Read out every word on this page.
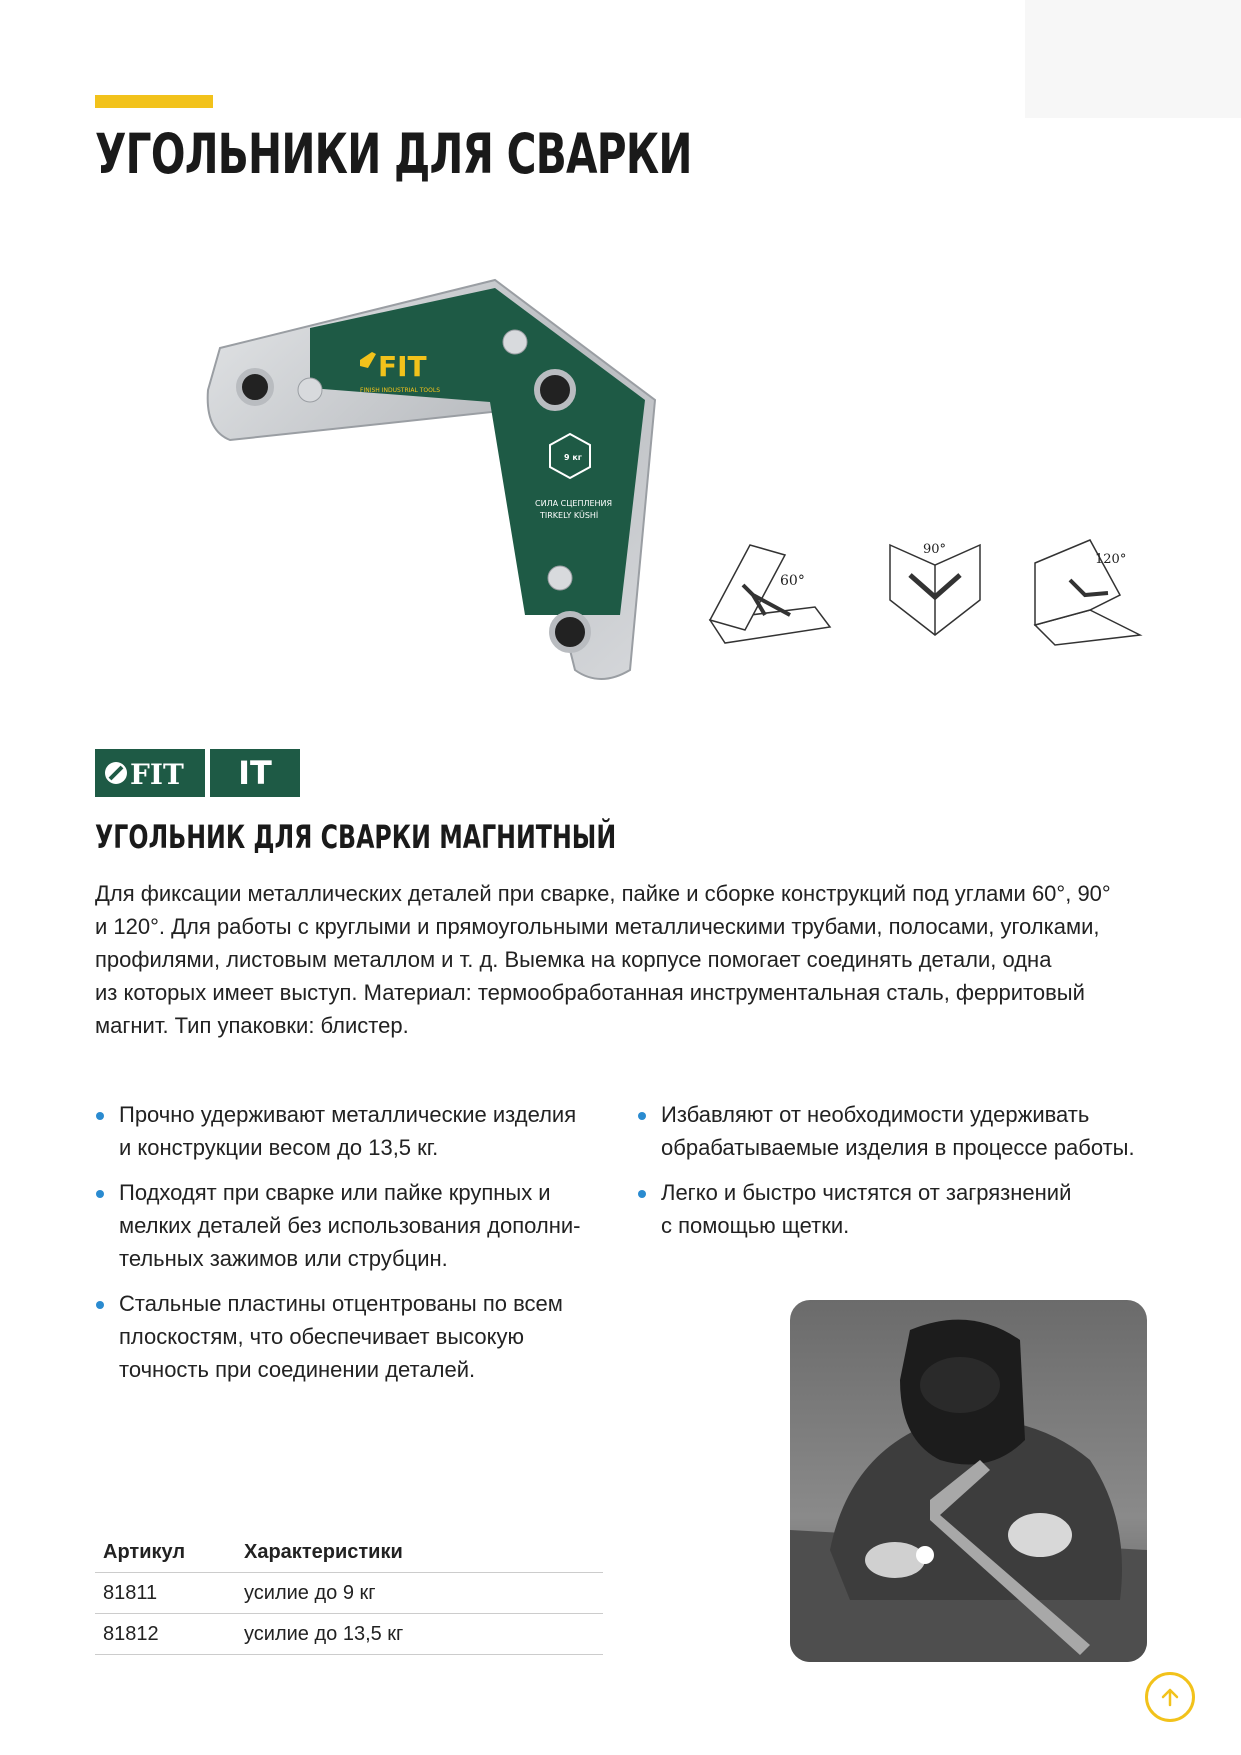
УГОЛЬНИКИ ДЛЯ СВАРКИ
FIT
FINISH INDUSTRIAL TOOLS
9 кг
СИЛА СЦЕПЛЕНИЯ
TIRKELY KÜSHİ
60°
90°
120°
FIT IT
УГОЛЬНИК ДЛЯ СВАРКИ МАГНИТНЫЙ

Для фиксации металлических деталей при сварке, пайке и сборке конструкций под углами 60°, 90°
и 120°. Для работы с круглыми и прямоугольными металлическими трубами, полосами, уголками,
профилями, листовым металлом и т. д. Выемка на корпусе помогает соединять детали, одна
из которых имеет выступ. Материал: термообработанная инструментальная сталь, ферритовый
магнит. Тип упаковки: блистер.

Прочно удерживают металлические изделия
и конструкции весом до 13,5 кг.
Подходят при сварке или пайке крупных и
мелких деталей без использования дополни-
тельных зажимов или струбцин.
Стальные пластины отцентрованы по всем
плоскостям, что обеспечивает высокую
точность при соединении деталей.
Избавляют от необходимости удерживать
обрабатываемые изделия в процессе работы.
Легко и быстро чистятся от загрязнений
с помощью щетки.
Артикул	Характеристики
81811	усилие до 9 кг
81812	усилие до 13,5 кг
